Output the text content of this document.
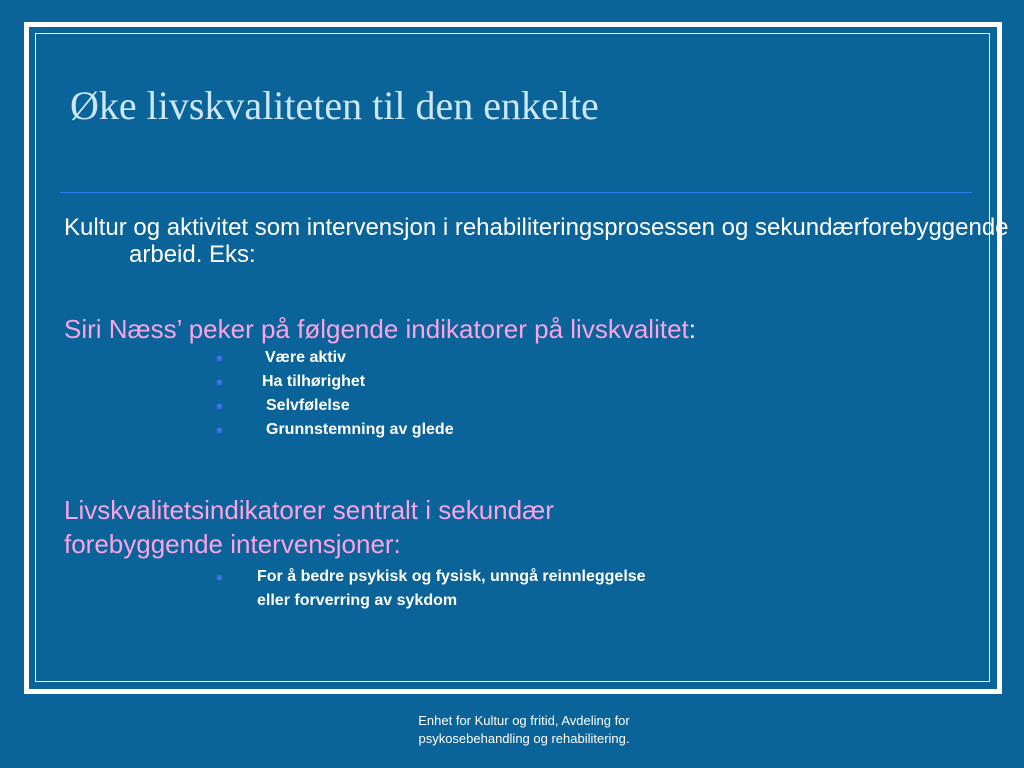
Øke livskvaliteten til den enkelte

Kultur og aktivitet som intervensjon i rehabiliteringsprosessen og sekundærforebyggende arbeid. Eks:

Siri Næss’ peker på følgende indikatorer på livskvalitet:

Være aktiv
Ha tilhørighet
Selvfølelse
Grunnstemning av glede

Livskvalitetsindikatorer sentralt i sekundær
forebyggende intervensjoner:

For å bedre psykisk og fysisk, unngå reinnleggelse
eller forverring av sykdom

Enhet for Kultur og fritid, Avdeling for
psykosebehandling og rehabilitering.
